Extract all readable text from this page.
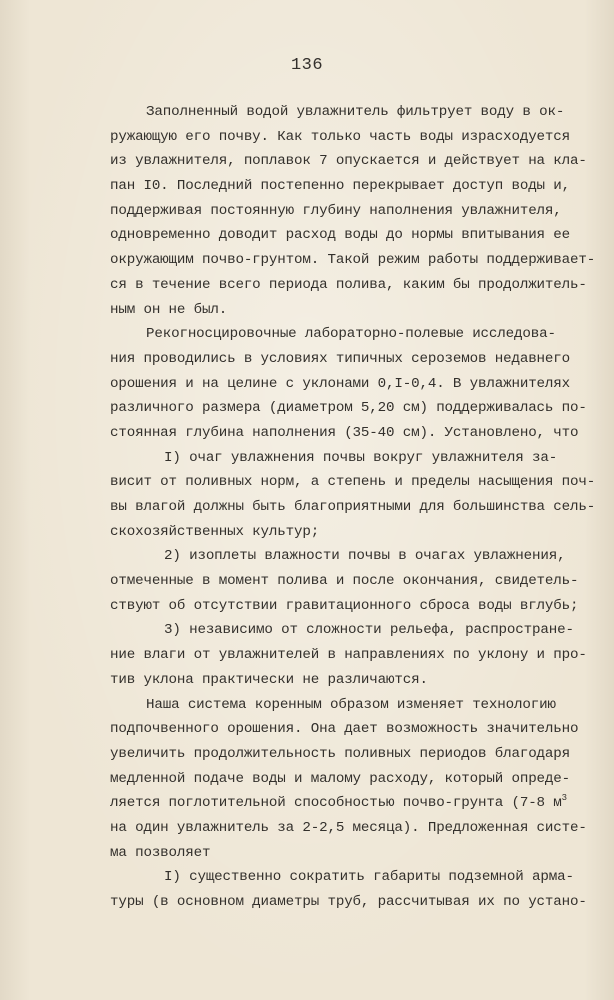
136
Заполненный водой увлажнитель фильтрует воду в ок-
ружающую его почву. Как только часть воды израсходуется
из увлажнителя, поплавок 7 опускается и действует на кла-
пан I0. Последний постепенно перекрывает доступ воды и,
поддерживая постоянную глубину наполнения увлажнителя,
одновременно доводит расход воды до нормы впитывания ее
окружающим почво-грунтом. Такой режим работы поддерживает-
ся в течение всего периода полива, каким бы продолжитель-
ным он не был.
Рекогносцировочные лабораторно-полевые исследова-
ния проводились в условиях типичных сероземов недавнего
орошения и на целине с уклонами 0,I-0,4. В увлажнителях
различного размера (диаметром 5,20 см) поддерживалась по-
стоянная глубина наполнения (35-40 см). Установлено, что
I) очаг увлажнения почвы вокруг увлажнителя за-
висит от поливных норм, а степень и пределы насыщения поч-
вы влагой должны быть благоприятными для большинства сель-
скохозяйственных культур;
2) изоплеты влажности почвы в очагах увлажнения,
отмеченные в момент полива и после окончания, свидетель-
ствуют об отсутствии гравитационного сброса воды вглубь;
3) независимо от сложности рельефа, распростране-
ние влаги от увлажнителей в направлениях по уклону и про-
тив уклона практически не различаются.
Наша система коренным образом изменяет технологию
подпочвенного орошения. Она дает возможность значительно
увеличить продолжительность поливных периодов благодаря
медленной подаче воды и малому расходу, который опреде-
ляется поглотительной способностью почво-грунта (7-8 $м^3$
на один увлажнитель за 2-2,5 месяца). Предложенная систе-
ма позволяет
I) существенно сократить габариты подземной арма-
туры (в основном диаметры труб, рассчитывая их по устано-
